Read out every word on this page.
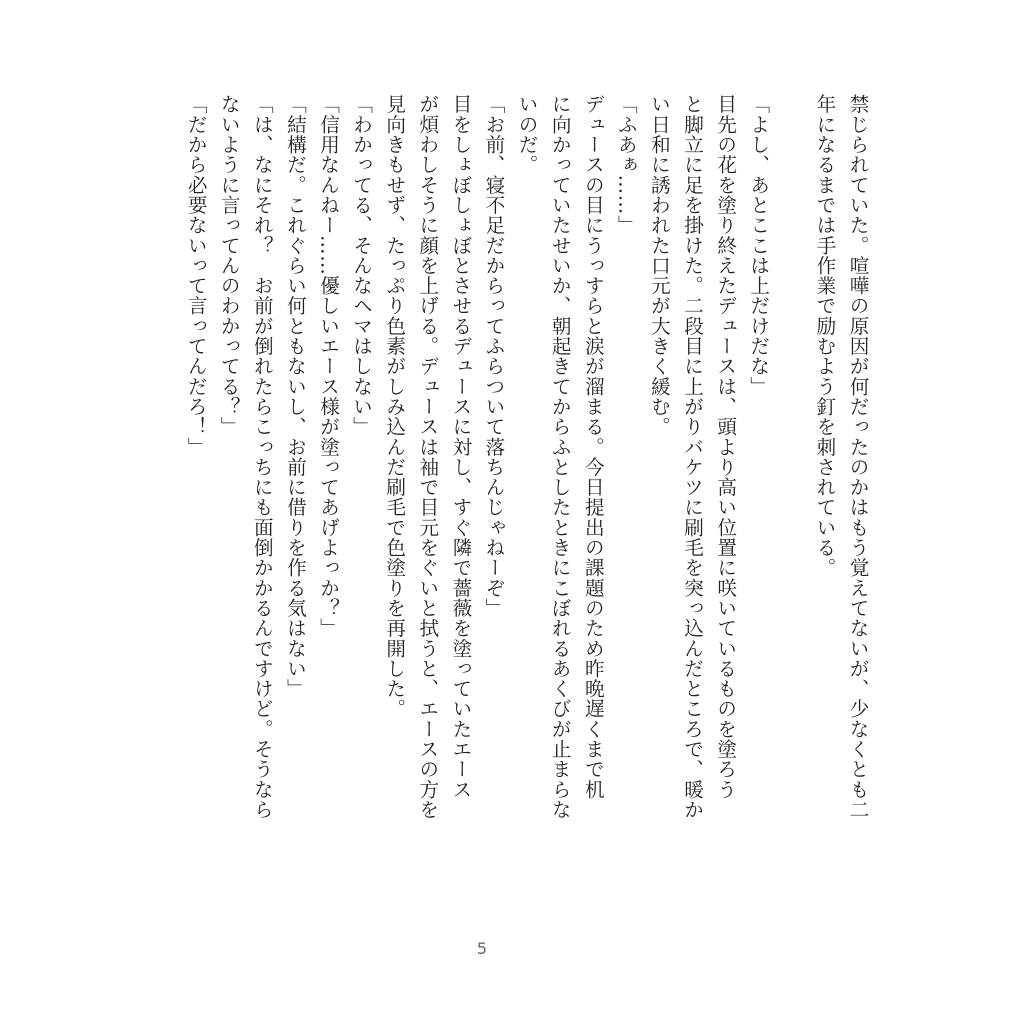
禁じられていた。喧嘩の原因が何だったのかはもう覚えてないが、少なくとも二
年になるまでは手作業で励むよう釘を刺されている。
「よし、あとここは上だけだな」
目先の花を塗り終えたデュースは、頭より高い位置に咲いているものを塗ろう
と脚立に足を掛けた。二段目に上がりバケツに刷毛を突っ込んだところで、暖か
い日和に誘われた口元が大きく緩む。
「ふあぁ……」
デュースの目にうっすらと涙が溜まる。今日提出の課題のため昨晩遅くまで机
に向かっていたせいか、朝起きてからふとしたときにこぼれるあくびが止まらな
いのだ。
「お前、寝不足だからってふらついて落ちんじゃねーぞ」
目をしょぼしょぼとさせるデュースに対し、すぐ隣で薔薇を塗っていたエース
が煩わしそうに顔を上げる。デュースは袖で目元をぐいと拭うと、エースの方を
見向きもせず、たっぷり色素がしみ込んだ刷毛で色塗りを再開した。
「わかってる、そんなヘマはしない」
「信用なんねー……優しいエース様が塗ってあげよっか？」
「結構だ。これぐらい何ともないし、お前に借りを作る気はない」
「は、なにそれ？　お前が倒れたらこっちにも面倒かかるんですけど。そうなら
ないように言ってんのわかってる？」
「だから必要ないって言ってんだろ！」
5
